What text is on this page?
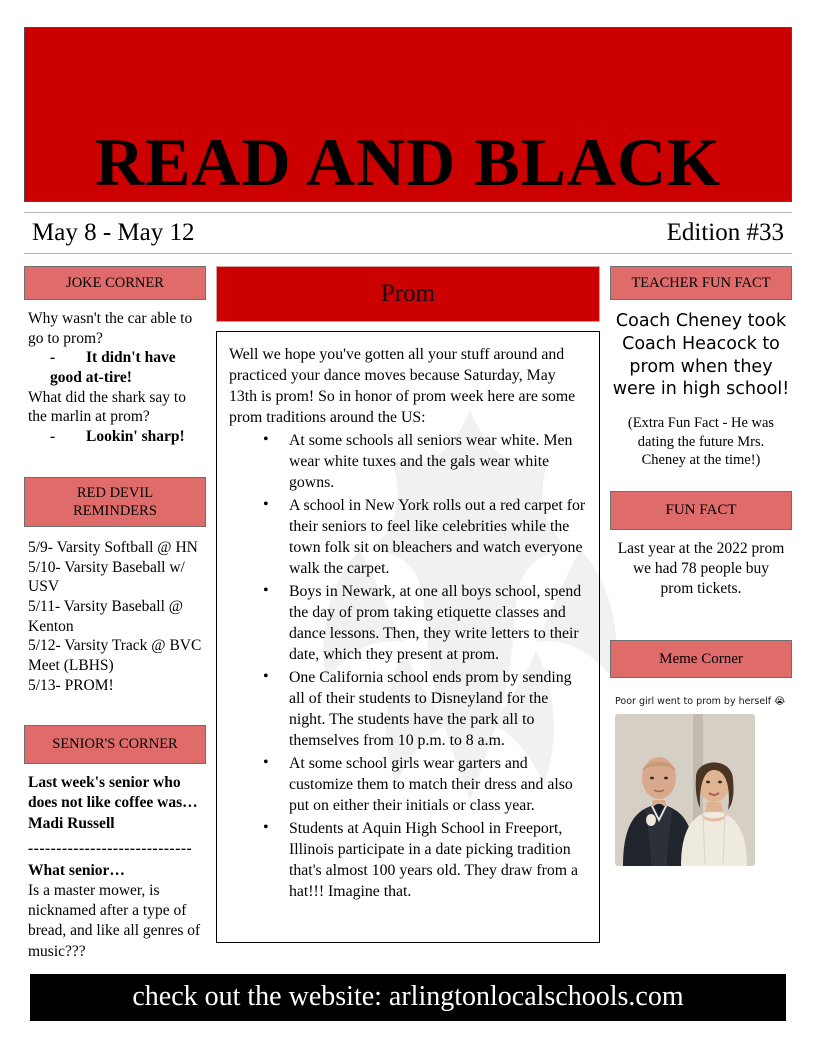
READ AND BLACK
May 8 - May 12	Edition #33
JOKE CORNER

Why wasn't the car able to go to prom?

- It didn't have good at-tire!

What did the shark say to the marlin at prom?

- Lookin' sharp!

RED DEVIL
REMINDERS

5/9- Varsity Softball @ HN

5/10- Varsity Baseball w/ USV

5/11- Varsity Baseball @ Kenton

5/12- Varsity Track @ BVC Meet (LBHS)

5/13- PROM!

SENIOR'S CORNER

Last week's senior who does not like coffee was… Madi Russell

-----------------------------

What senior…

Is a master mower, is nicknamed after a type of bread, and like all genres of music???

Prom

Well we hope you've gotten all your stuff around and practiced your dance moves because Saturday, May 13th is prom! So in honor of prom week here are some prom traditions around the US:

• At some schools all seniors wear white. Men wear white tuxes and the gals wear white gowns.
• A school in New York rolls out a red carpet for their seniors to feel like celebrities while the town folk sit on bleachers and watch everyone walk the carpet.
• Boys in Newark, at one all boys school, spend the day of prom taking etiquette classes and dance lessons. Then, they write letters to their date, which they present at prom.
• One California school ends prom by sending all of their students to Disneyland for the night. The students have the park all to themselves from 10 p.m. to 8 a.m.
• At some school girls wear garters and customize them to match their dress and also put on either their initials or class year.
• Students at Aquin High School in Freeport, Illinois participate in a date picking tradition that's almost 100 years old. They draw from a hat!!! Imagine that.
TEACHER FUN FACT

Coach Cheney took Coach Heacock to prom when they were in high school!

(Extra Fun Fact - He was dating the future Mrs. Cheney at the time!)

FUN FACT

Last year at the 2022 prom we had 78 people buy prom tickets.

Meme Corner

Poor girl went to prom by herself 😭

check out the website: arlingtonlocalschools.com
